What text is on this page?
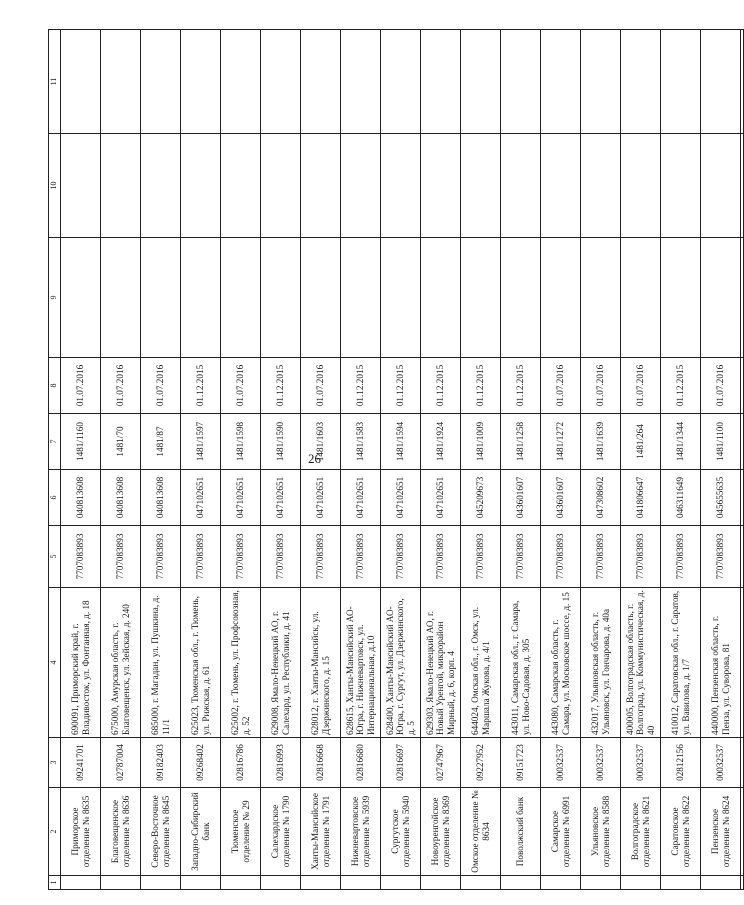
26
1	2	3	4	5	6	7	8	9	10	11
	Приморское отделение № 8635	09241701	690091, Приморский край, г. Владивосток, ул. Фонтанная, д. 18	7707083893	040813608	1481/1160	01.07.2016			
	Благовещенское отделение № 8636	02787004	675000, Амурская область, г. Благовещенск, ул. Зейская, д. 240	7707083893	040813608	1481/70	01.07.2016			
	Северо-Восточное отделение № 8645	09182403	685000, г. Магадан, ул. Пушкина, д. 11/1	7707083893	040813608	1481/87	01.07.2016			
	Западно-Сибирский банк	09268402	625023, Тюменская обл., г. Тюмень, ул. Рижская, д. 61	7707083893	047102651	1481/1597	01.12.2015			
	Тюменское отделение № 29	02816786	625002, г. Тюмень, ул. Профсоюзная, д. 52	7707083893	047102651	1481/1598	01.07.2016			
	Салехардское отделение № 1790	02816993	629008, Ямало-Ненецкий АО, г. Салехард, ул. Республики, д. 41	7707083893	047102651	1481/1590	01.12.2015			
	Ханты-Мансийское отделение № 1791	02816668	628012, г. Ханты-Мансийск, ул. Дзержинского, д. 15	7707083893	047102651	1481/1603	01.07.2016			
	Нижневартовское отделение № 5939	02816680	628615, Ханты-Мансийский АО-Югра, г. Нижневартовск, ул. Интернациональная, д.10	7707083893	047102651	1481/1583	01.12.2015			
	Сургутское отделение № 5940	02816697	628400, Ханты-Мансийский АО-Югра, г. Сургут, ул. Дзержинского, д. 5	7707083893	047102651	1481/1594	01.12.2015			
	Новоуренгойское отделение № 8369	02747967	629303, Ямало-Ненецкий АО, г. Новый Уренгой, микрорайон Мирный, д. 6, корп. 4	7707083893	047102651	1481/1924	01.12.2015			
	Омское отделение № 8634	09227952	644024, Омская обл., г. Омск, ул. Маршала Жукова, д. 4/1	7707083893	045209673	1481/1009	01.12.2015			
	Поволжский банк	09151723	443011, Самарская обл., г. Самара, ул. Ново-Садовая, д. 305	7707083893	043601607	1481/1258	01.12.2015			
	Самарское отделение № 6991	00032537	443080, Самарская область, г. Самара, ул. Московское шоссе, д. 15	7707083893	043601607	1481/1272	01.07.2016			
	Ульяновское отделение № 8588	00032537	432017, Ульяновская область, г. Ульяновск, ул. Гончарова, д. 40а	7707083893	047308602	1481/1639	01.07.2016			
	Волгоградское отделение № 8621	00032537	400005, Волгоградская область, г. Волгоград, ул. Коммунистическая, д. 40	7707083893	041806647	1481/264	01.07.2016			
	Саратовское отделение № 8622	02812156	410012, Саратовская обл., г. Саратов, ул. Вавилова, д. 1/7	7707083893	046311649	1481/1344	01.12.2015			
	Пензенское отделение № 8624	00032537	440000, Пензенская область, г. Пенза, ул. Суворова, 81	7707083893	045655635	1481/1100	01.07.2016			
